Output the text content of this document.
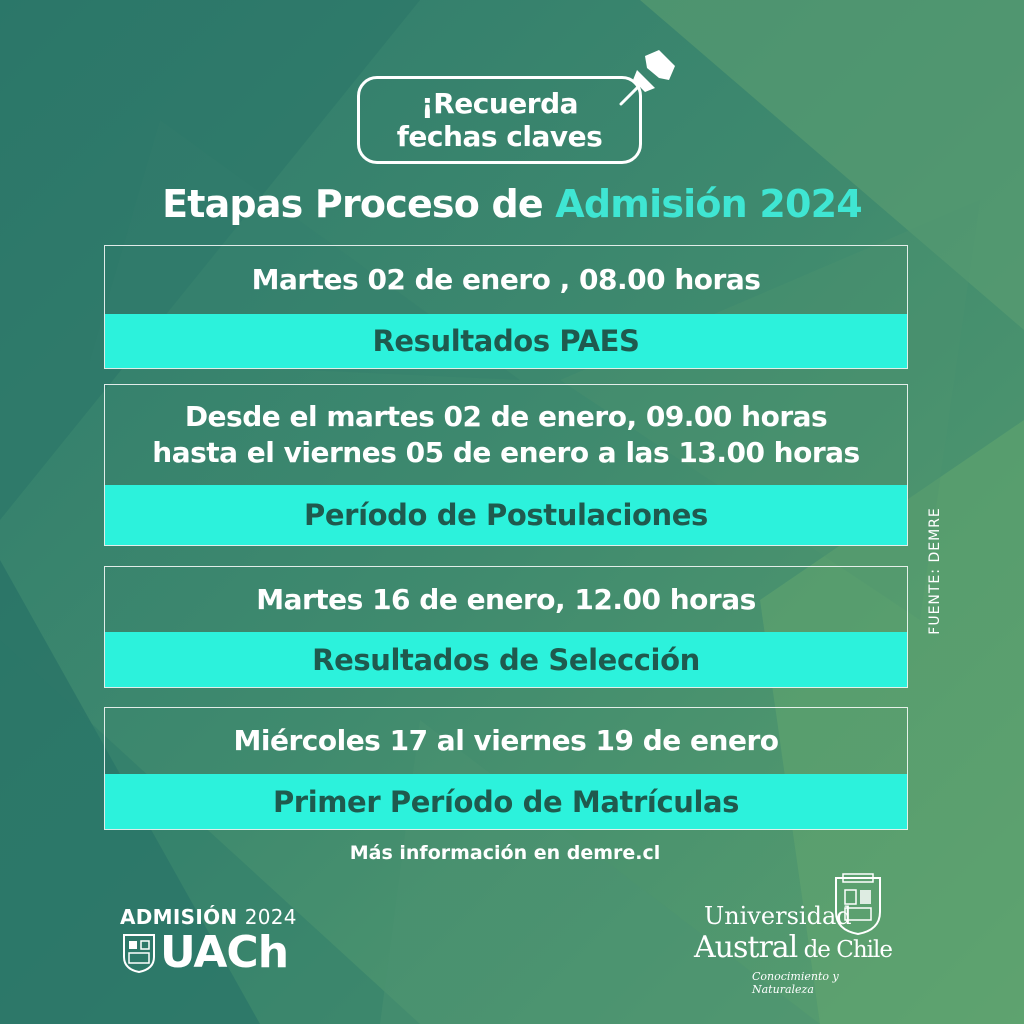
¡Recuerda
fechas claves
Etapas Proceso de Admisión 2024
Martes 02 de enero , 08.00 horas
Resultados PAES
Desde el martes 02 de enero, 09.00 horas
hasta el viernes 05 de enero a las 13.00 horas
Período de Postulaciones
Martes 16 de enero, 12.00 horas
Resultados de Selección
Miércoles 17 al viernes 19 de enero
Primer Período de Matrículas
Más información en demre.cl
FUENTE: DEMRE
ADMISIÓN 2024
UACh
Universidad
Austral de Chile
Conocimiento y Naturaleza
